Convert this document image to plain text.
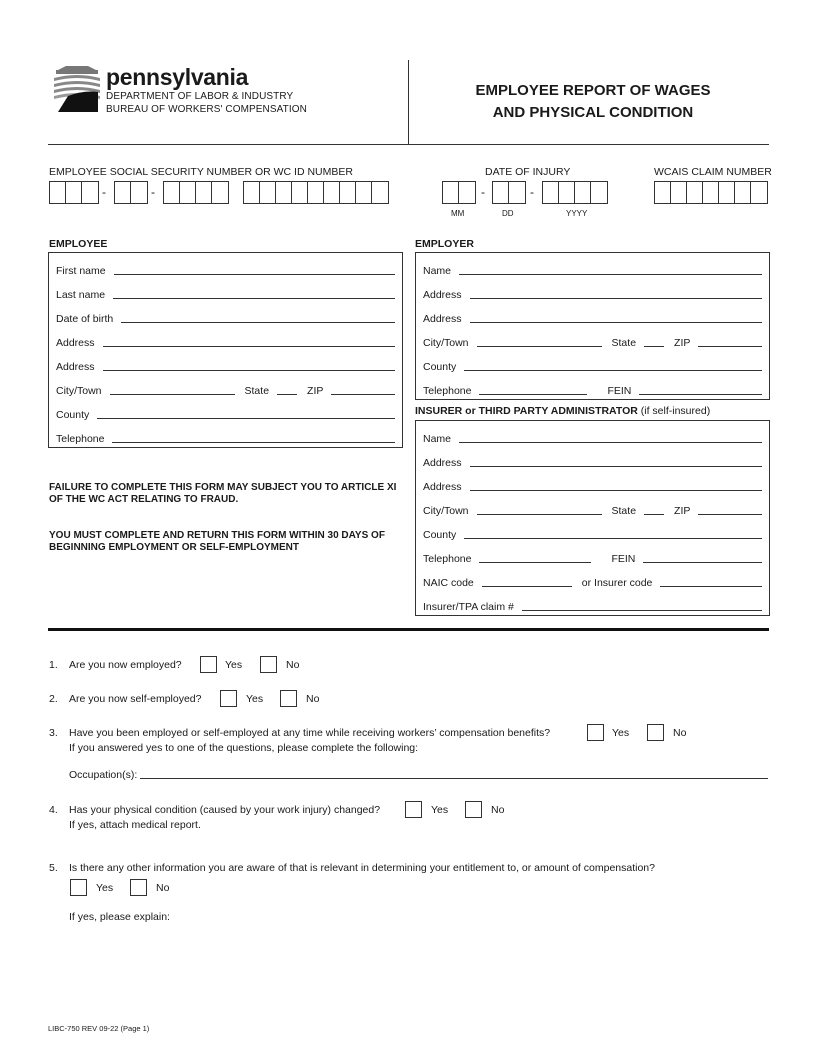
pennsylvania
DEPARTMENT OF LABOR & INDUSTRY
BUREAU OF WORKERS' COMPENSATION
EMPLOYEE REPORT OF WAGES
AND PHYSICAL CONDITION
EMPLOYEE SOCIAL SECURITY NUMBER OR WC ID NUMBER	DATE OF INJURY	WCAIS CLAIM NUMBER
-	-	-	-
MM	DD	YYYY
EMPLOYEE
First name
Last name
Date of birth
Address
Address
City/Town	State	ZIP
County
Telephone
EMPLOYER
Name
Address
Address
City/Town	State	ZIP
County
Telephone	FEIN
INSURER or THIRD PARTY ADMINISTRATOR (if self-insured)
Name
Address
Address
City/Town	State	ZIP
County
Telephone	FEIN
NAIC code	or Insurer code
Insurer/TPA claim #
FAILURE TO COMPLETE THIS FORM MAY SUBJECT YOU TO ARTICLE XI
OF THE WC ACT RELATING TO FRAUD.
YOU MUST COMPLETE AND RETURN THIS FORM WITHIN 30 DAYS OF
BEGINNING EMPLOYMENT OR SELF-EMPLOYMENT
1. Are you now employed?	Yes	No
2. Are you now self-employed?	Yes	No
3. Have you been employed or self-employed at any time while receiving workers’ compensation benefits?	Yes	No
If you answered yes to one of the questions, please complete the following:
Occupation(s):
4. Has your physical condition (caused by your work injury) changed?	Yes	No
If yes, attach medical report.
5. Is there any other information you are aware of that is relevant in determining your entitlement to, or amount of compensation?
Yes	No
If yes, please explain:
LIBC-750 REV 09-22 (Page 1)
